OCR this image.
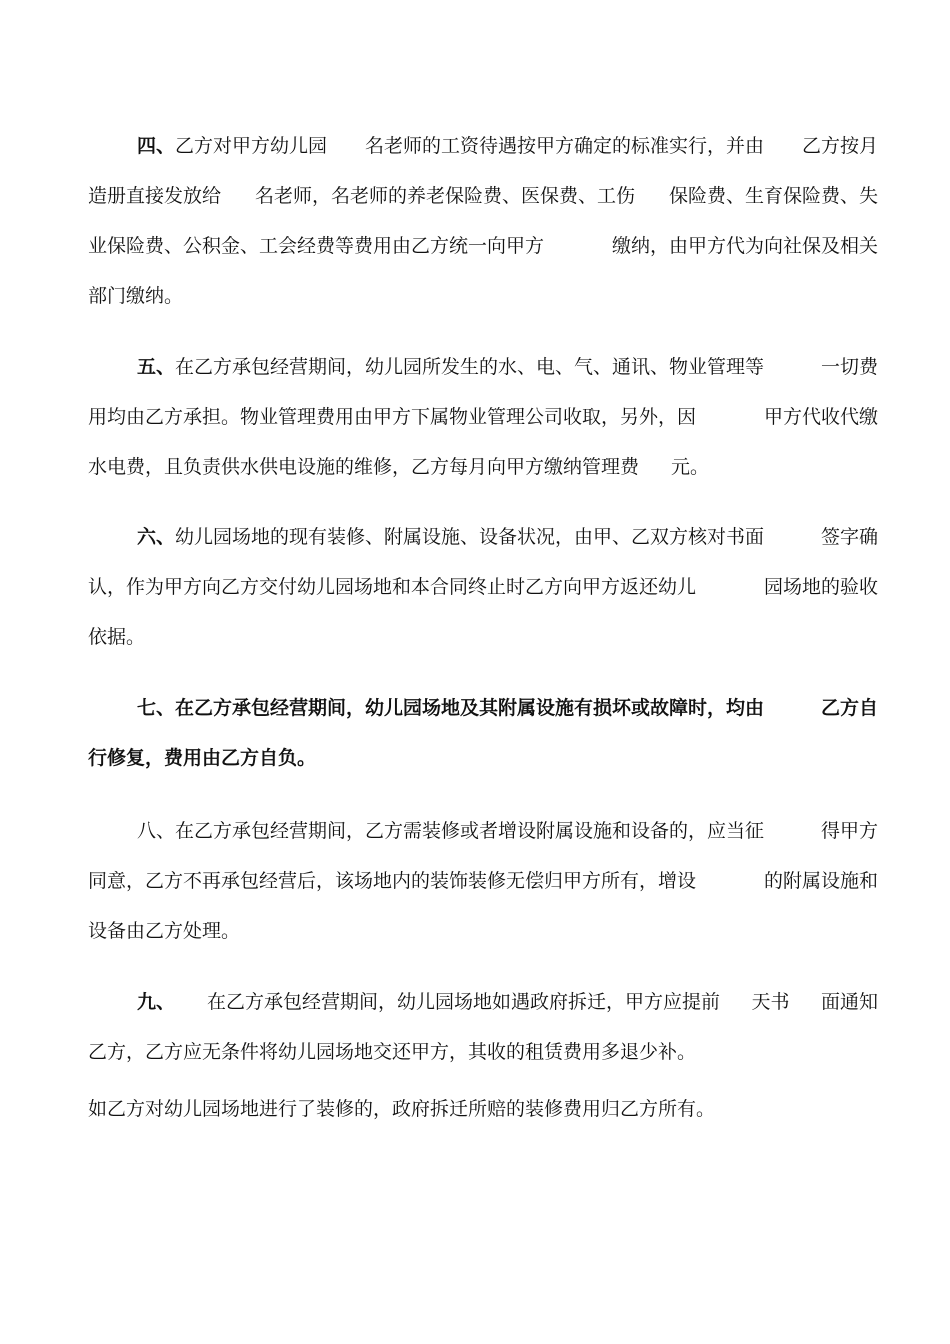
四、乙方对甲方幼儿园 名老师的工资待遇按甲方确定的标准实行，并由 乙方按月
造册直接发放给 名老师，名老师的养老保险费、医保费、工伤 保险费、生育保险费、失
业保险费、公积金、工会经费等费用由乙方统一向甲方	缴纳，由甲方代为向社保及相关
部门缴纳。
五、在乙方承包经营期间，幼儿园所发生的水、电、气、通讯、物业管理等	一切费
用均由乙方承担。物业管理费用由甲方下属物业管理公司收取，另外，因	甲方代收代缴
水电费，且负责供水供电设施的维修，乙方每月向甲方缴纳管理费 元。
六、幼儿园场地的现有装修、附属设施、设备状况，由甲、乙双方核对书面	签字确
认，作为甲方向乙方交付幼儿园场地和本合同终止时乙方向甲方返还幼儿	园场地的验收
依据。
七、在乙方承包经营期间，幼儿园场地及其附属设施有损坏或故障时，均由	乙方自
行修复，费用由乙方自负。
八、在乙方承包经营期间，乙方需装修或者增设附属设施和设备的，应当征	得甲方
同意，乙方不再承包经营后，该场地内的装饰装修无偿归甲方所有，增设	的附属设施和
设备由乙方处理。
九、 在乙方承包经营期间，幼儿园场地如遇政府拆迁，甲方应提前 天书 面通知
乙方，乙方应无条件将幼儿园场地交还甲方，其收的租赁费用多退少补。
如乙方对幼儿园场地进行了装修的，政府拆迁所赔的装修费用归乙方所有。
